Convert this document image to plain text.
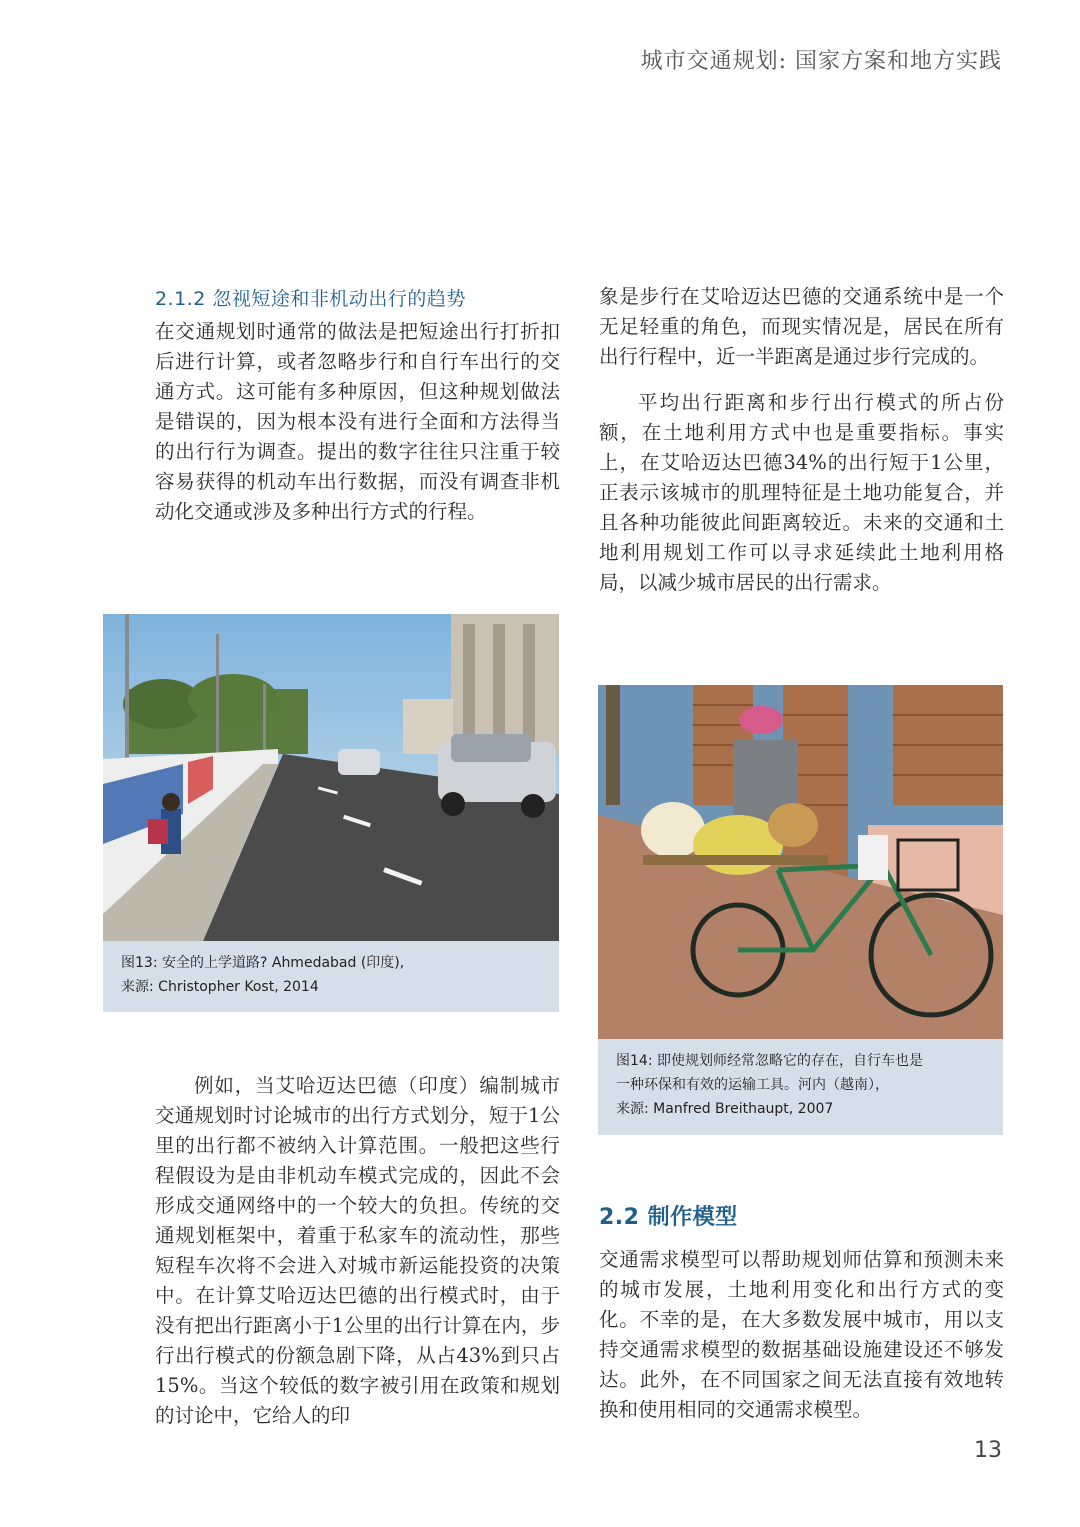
城市交通规划: 国家方案和地方实践
2.1.2 忽视短途和非机动出行的趋势

在交通规划时通常的做法是把短途出行打折扣后进行计算，或者忽略步行和自行车出行的交通方式。这可能有多种原因，但这种规划做法是错误的，因为根本没有进行全面和方法得当的出行行为调查。提出的数字往往只注重于较容易获得的机动车出行数据，而没有调查非机动化交通或涉及多种出行方式的行程。

图13: 安全的上学道路? Ahmedabad (印度),
来源: Christopher Kost, 2014

例如，当艾哈迈达巴德（印度）编制城市交通规划时讨论城市的出行方式划分，短于1公里的出行都不被纳入计算范围。一般把这些行程假设为是由非机动车模式完成的，因此不会形成交通网络中的一个较大的负担。传统的交通规划框架中，着重于私家车的流动性，那些短程车次将不会进入对城市新运能投资的决策中。在计算艾哈迈达巴德的出行模式时，由于没有把出行距离小于1公里的出行计算在内，步行出行模式的份额急剧下降，从占43%到只占15%。当这个较低的数字被引用在政策和规划的讨论中，它给人的印

象是步行在艾哈迈达巴德的交通系统中是一个无足轻重的角色，而现实情况是，居民在所有出行行程中，近一半距离是通过步行完成的。

平均出行距离和步行出行模式的所占份额，在土地利用方式中也是重要指标。事实上，在艾哈迈达巴德34%的出行短于1公里，正表示该城市的肌理特征是土地功能复合，并且各种功能彼此间距离较近。未来的交通和土地利用规划工作可以寻求延续此土地利用格局，以减少城市居民的出行需求。

图14: 即使规划师经常忽略它的存在，自行车也是
一种环保和有效的运输工具。河内（越南），
来源: Manfred Breithaupt, 2007
2.2 制作模型

交通需求模型可以帮助规划师估算和预测未来的城市发展，土地利用变化和出行方式的变化。不幸的是，在大多数发展中城市，用以支持交通需求模型的数据基础设施建设还不够发达。此外，在不同国家之间无法直接有效地转换和使用相同的交通需求模型。

13
